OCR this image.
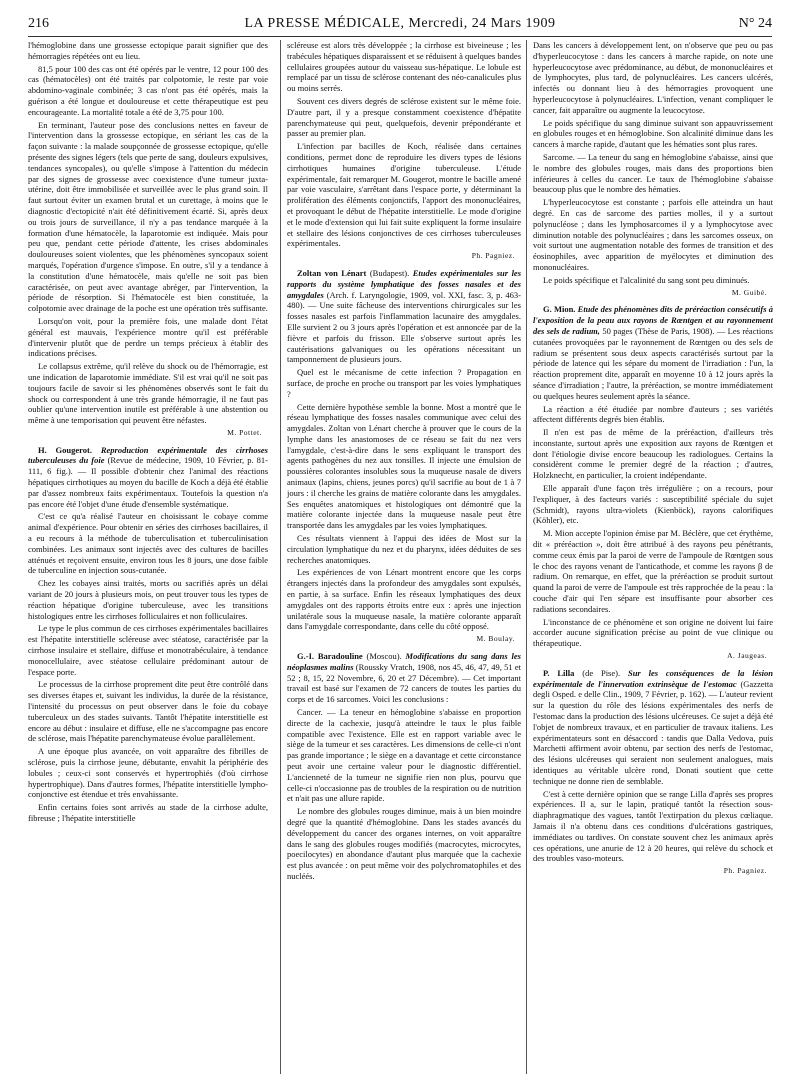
216	LA PRESSE MÉDICALE, Mercredi, 24 Mars 1909	N° 24

l'hémoglobine dans une grossesse ectopique parait signifier que des hémorragies répétées ont eu lieu.

81,5 pour 100 des cas ont été opérés par le ventre, 12 pour 100 des cas (hématocèles) ont été traités par colpotomie, le reste par voie abdomino-vaginale combinée; 3 cas n'ont pas été opérés, mais la guérison a été longue et douloureuse et cette thérapeutique est peu encourageante. La mortalité totale a été de 3,75 pour 100.

En terminant, l'auteur pose des conclusions nettes en faveur de l'intervention dans la grossesse ectopique, en sériant les cas de la façon suivante : la malade soupçonnée de grossesse ectopique, qu'elle présente des signes légers (tels que perte de sang, douleurs expulsives, tendances syncopales), ou qu'elle s'impose à l'attention du médecin par des signes de grossesse avec coexistence d'une tumeur juxta-utérine, doit être immobilisée et surveillée avec le plus grand soin. Il faut surtout éviter un examen brutal et un curettage, à moins que le diagnostic d'ectopicité n'ait été définitivement écarté. Si, après deux ou trois jours de surveillance, il n'y a pas tendance marquée à la formation d'une hématocèle, la laparotomie est indiquée. Mais pour peu que, pendant cette période d'attente, les crises abdominales douloureuses soient violentes, que les phénomènes syncopaux soient marqués, l'opération d'urgence s'impose. En outre, s'il y a tendance à la constitution d'une hématocèle, mais qu'elle ne soit pas bien caractérisée, on peut avec avantage abréger, par l'intervention, la période de résorption. Si l'hématocèle est bien constituée, la colpotomie avec drainage de la poche est une opération très suffisante.

Lorsqu'on voit, pour la première fois, une malade dont l'état général est mauvais, l'expérience montre qu'il est préférable d'intervenir plutôt que de perdre un temps précieux à établir des indications précises.

Le collapsus extrême, qu'il relève du shock ou de l'hémorragie, est une indication de laparotomie immédiate. S'il est vrai qu'il ne soit pas toujours facile de savoir si les phénomènes observés sont le fait du shock ou correspondent à une très grande hémorragie, il ne faut pas oublier qu'une intervention inutile est préférable à une abstention ou même à une temporisation qui peuvent être néfastes.

M. Pottet.

H. Gougerot. Reproduction expérimentale des cirrhoses tuberculeuses du foie (Revue de médecine, 1909, 10 Février, p. 81-111, 6 fig.). — Il possible d'obtenir chez l'animal des réactions hépatiques cirrhotiques au moyen du bacille de Koch a déjà été établie par d'assez nombreux faits expérimentaux. Toutefois la question n'a pas encore été l'objet d'une étude d'ensemble systématique.

C'est ce qu'a réalisé l'auteur en choisissant le cobaye comme animal d'expérience. Pour obtenir en séries des cirrhoses bacillaires, il a eu recours à la méthode de tuberculisation et tuberculinisation combinées. Les animaux sont injectés avec des cultures de bacilles atténués et reçoivent ensuite, environ tous les 8 jours, une dose faible de tuberculine en injection sous-cutanée.

Chez les cobayes ainsi traités, morts ou sacrifiés après un délai variant de 20 jours à plusieurs mois, on peut trouver tous les types de réaction hépatique d'origine tuberculeuse, avec les transitions histologiques entre les cirrhoses folliculaires et non folliculaires.

Le type le plus commun de ces cirrhoses expérimentales bacillaires est l'hépatite interstitielle scléreuse avec stéatose, caractérisée par la cirrhose insulaire et stellaire, diffuse et monotrabéculaire, à tendance monocellulaire, avec stéatose cellulaire prédominant autour de l'espace porte.

Le processus de la cirrhose proprement dite peut être contrôlé dans ses diverses étapes et, suivant les individus, la durée de la résistance, l'intensité du processus on peut observer dans le foie du cobaye tuberculeux un des stades suivants. Tantôt l'hépatite interstitielle est encore au début : insulaire et diffuse, elle ne s'accompagne pas encore de sclérose, mais l'hépatite parenchymateuse évolue parallèlement.

A une époque plus avancée, on voit apparaître des fibrilles de sclérose, puis la cirrhose jeune, débutante, envahit la périphérie des lobules ; ceux-ci sont conservés et hypertrophiés (d'où cirrhose hypertrophique). Dans d'autres formes, l'hépatite interstitielle lympho-conjonctive est étendue et très envahissante.

Enfin certains foies sont arrivés au stade de la cirrhose adulte, fibreuse ; l'hépatite interstitielle

scléreuse est alors très développée ; la cirrhose est biveineuse ; les trabécules hépatiques disparaissent et se réduisent à quelques bandes cellulaires groupées autour du vaisseau sus-hépatique. Le lobule est remplacé par un tissu de sclérose contenant des néo-canalicules plus ou moins serrés.

Souvent ces divers degrés de sclérose existent sur le même foie. D'autre part, il y a presque constamment coexistence d'hépatite parenchymateuse qui peut, quelquefois, devenir prépondérante et passer au premier plan.

L'infection par bacilles de Koch, réalisée dans certaines conditions, permet donc de reproduire les divers types de lésions cirrhotiques humaines d'origine tuberculeuse. L'étude expérimentale, fait remarquer M. Gougerot, montre le bacille amené par voie vasculaire, s'arrêtant dans l'espace porte, y déterminant la prolifération des éléments conjonctifs, l'apport des mononucléaires, et provoquant le début de l'hépatite interstitielle. Le mode d'origine et le mode d'extension qui lui fait suite expliquent la forme insulaire et stellaire des lésions conjonctives de ces cirrhoses tuberculeuses expérimentales.

Ph. Pagniez.

Zoltan von Lénart (Budapest). Etudes expérimentales sur les rapports du système lymphatique des fosses nasales et des amygdales (Arch. f. Laryngologie, 1909, vol. XXI, fasc. 3, p. 463-480). — Une suite fâcheuse des interventions chirurgicales sur les fosses nasales est parfois l'inflammation lacunaire des amygdales. Elle survient 2 ou 3 jours après l'opération et est annoncée par de la fièvre et parfois du frisson. Elle s'observe surtout après les cautérisations galvaniques ou les opérations nécessitant un tamponnement de plusieurs jours.

Quel est le mécanisme de cette infection ? Propagation en surface, de proche en proche ou transport par les voies lymphatiques ?

Cette dernière hypothèse semble la bonne. Most a montré que le réseau lymphatique des fosses nasales communique avec celui des amygdales. Zoltan von Lénart cherche à prouver que le cours de la lymphe dans les anastomoses de ce réseau se fait du nez vers l'amygdale, c'est-à-dire dans le sens expliquant le transport des agents pathogènes du nez aux tonsilles. Il injecte une émulsion de poussières colorantes insolubles sous la muqueuse nasale de divers animaux (lapins, chiens, jeunes porcs) qu'il sacrifie au bout de 1 à 7 jours : il cherche les grains de matière colorante dans les amygdales. Ses enquêtes anatomiques et histologiques ont démontré que la matière colorante injectée dans la muqueuse nasale peut être transportée dans les amygdales par les voies lymphatiques.

Ces résultats viennent à l'appui des idées de Most sur la circulation lymphatique du nez et du pharynx, idées déduites de ses recherches anatomiques.

Les expériences de von Lénart montrent encore que les corps étrangers injectés dans la profondeur des amygdales sont expulsés, en partie, à sa surface. Enfin les réseaux lymphatiques des deux amygdales ont des rapports étroits entre eux : après une injection unilatérale sous la muqueuse nasale, la matière colorante apparaît dans l'amygdale correspondante, dans celle du côté opposé.

M. Boulay.

G.-I. Baradouline (Moscou). Modifications du sang dans les néoplasmes malins (Roussky Vratch, 1908, nos 45, 46, 47, 49, 51 et 52 ; 8, 15, 22 Novembre, 6, 20 et 27 Décembre). — Cet important travail est basé sur l'examen de 72 cancers de toutes les parties du corps et de 16 sarcomes. Voici les conclusions :

Cancer. — La teneur en hémoglobine s'abaisse en proportion directe de la cachexie, jusqu'à atteindre le taux le plus faible compatible avec l'existence. Elle est en rapport variable avec le siège de la tumeur et ses caractères. Les dimensions de celle-ci n'ont pas grande importance ; le siège en a davantage et cette circonstance peut avoir une certaine valeur pour le diagnostic différentiel. L'ancienneté de la tumeur ne signifie rien non plus, pourvu que celle-ci n'occasionne pas de troubles de la respiration ou de nutrition et n'ait pas une allure rapide.

Le nombre des globules rouges diminue, mais à un bien moindre degré que la quantité d'hémoglobine. Dans les stades avancés du développement du cancer des organes internes, on voit apparaître dans le sang des globules rouges modifiés (macrocytes, microcytes, poecilocytes) en abondance d'autant plus marquée que la cachexie est plus avancée : on peut même voir des polychromatophiles et des nucléés.

Dans les cancers à développement lent, on n'observe que peu ou pas d'hyperleucocytose : dans les cancers à marche rapide, on note une hyperleucocytose avec prédominance, au début, de mononucléaires et de lymphocytes, plus tard, de polynucléaires. Les cancers ulcérés, infectés ou donnant lieu à des hémorragies provoquent une hyperleucocytose à polynucléaires. L'infection, venant compliquer le cancer, fait apparaître ou augmente la leucocytose.

Le poids spécifique du sang diminue suivant son appauvrissement en globules rouges et en hémoglobine. Son alcalinité diminue dans les cancers à marche rapide, d'autant que les hématies sont plus rares.

Sarcome. — La teneur du sang en hémoglobine s'abaisse, ainsi que le nombre des globules rouges, mais dans des proportions bien inférieures à celles du cancer. Le taux de l'hémoglobine s'abaisse beaucoup plus que le nombre des hématies.

L'hyperleucocytose est constante ; parfois elle atteindra un haut degré. En cas de sarcome des parties molles, il y a surtout polynucléose ; dans les lymphosarcomes il y a lymphocytose avec diminution notable des polynucléaires ; dans les sarcomes osseux, on voit surtout une augmentation notable des formes de transition et des éosinophiles, avec apparition de myélocytes et diminution des mononucléaires.

Le poids spécifique et l'alcalinité du sang sont peu diminués.

M. Guibé.

G. Mion. Etude des phénomènes dits de préréaction consécutifs à l'exposition de la peau aux rayons de Rœntgen et au rayonnement des sels de radium, 50 pages (Thèse de Paris, 1908). — Les réactions cutanées provoquées par le rayonnement de Rœntgen ou des sels de radium se présentent sous deux aspects caractérisés surtout par la période de latence qui les sépare du moment de l'irradiation : l'un, la réaction proprement dite, apparaît en moyenne 10 à 12 jours après la séance d'irradiation ; l'autre, la préréaction, se montre immédiatement ou quelques heures seulement après la séance.

La réaction a été étudiée par nombre d'auteurs ; ses variétés affectent différents degrés bien établis.

Il n'en est pas de même de la préréaction, d'ailleurs très inconstante, surtout après une exposition aux rayons de Rœntgen et dont l'étiologie divise encore beaucoup les radiologues. Certains la considèrent comme le premier degré de la réaction ; d'autres, Holzknecht, en particulier, la croient indépendante.

Elle apparaît d'une façon très irrégulière ; on a recours, pour l'expliquer, à des facteurs variés : susceptibilité spéciale du sujet (Schmidt), rayons ultra-violets (Kienböck), rayons calorifiques (Köhler), etc.

M. Mion accepte l'opinion émise par M. Béclère, que cet érythème, dit « préréaction », doit être attribué à des rayons peu pénétrants, comme ceux émis par la paroi de verre de l'ampoule de Rœntgen sous le choc des rayons venant de l'anticathode, et comme les rayons β de radium. On remarque, en effet, que la préréaction se produit surtout quand la paroi de verre de l'ampoule est très rapprochée de la peau : la couche d'air qui l'en sépare est insuffisante pour absorber ces radiations secondaires.

L'inconstance de ce phénomène et son origine ne doivent lui faire accorder aucune signification précise au point de vue clinique ou thérapeutique.

A. Jaugeas.

P. Lilla (de Pise). Sur les conséquences de la lésion expérimentale de l'innervation extrinsèque de l'estomac (Gazzetta degli Osped. e delle Clin., 1909, 7 Février, p. 162). — L'auteur revient sur la question du rôle des lésions expérimentales des nerfs de l'estomac dans la production des lésions ulcéreuses. Ce sujet a déjà été l'objet de nombreux travaux, et en particulier de travaux italiens. Les expérimentateurs sont en désaccord : tandis que Dalla Vedova, puis Marchetti affirment avoir obtenu, par section des nerfs de l'estomac, des lésions ulcéreuses qui seraient non seulement analogues, mais identiques au véritable ulcère rond, Donati soutient que cette technique ne donne rien de semblable.

C'est à cette dernière opinion que se range Lilla d'après ses propres expériences. Il a, sur le lapin, pratiqué tantôt la résection sous-diaphragmatique des vagues, tantôt l'extirpation du plexus cœliaque. Jamais il n'a obtenu dans ces conditions d'ulcérations gastriques, immédiates ou tardives. On constate souvent chez les animaux après ces opérations, une anurie de 12 à 20 heures, qui relève du schock et des troubles vaso-moteurs.

Ph. Pagniez.
